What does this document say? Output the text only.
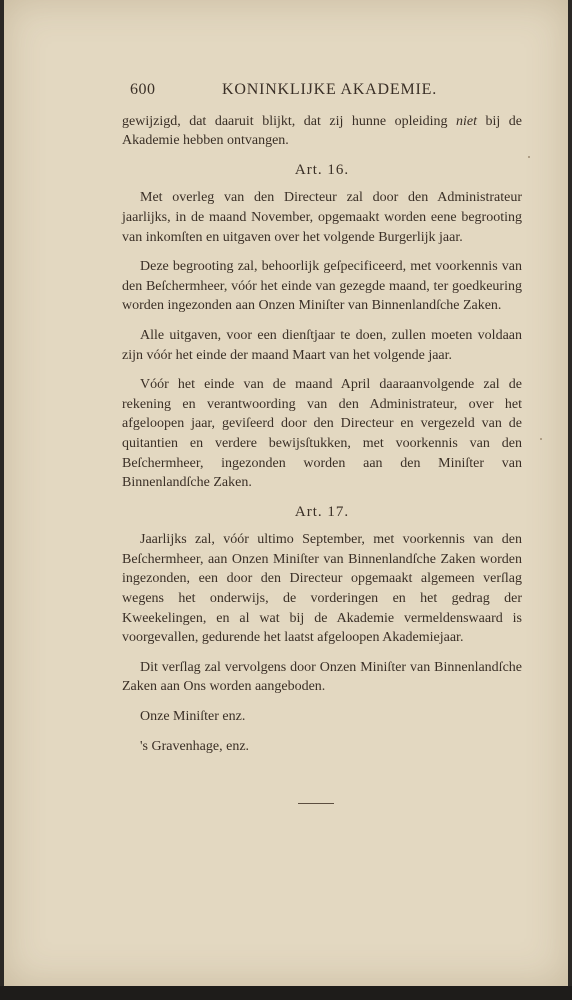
600	KONINKLIJKE AKADEMIE.

gewijzigd, dat daaruit blijkt, dat zij hunne opleiding niet bij de Akademie hebben ontvangen.

Art. 16.

Met overleg van den Directeur zal door den Administrateur jaarlijks, in de maand November, opgemaakt worden eene begrooting van inkomſten en uitgaven over het volgende Burgerlijk jaar.

Deze begrooting zal, behoorlijk geſpecificeerd, met voorkennis van den Beſchermheer, vóór het einde van gezegde maand, ter goedkeuring worden ingezonden aan Onzen Miniſter van Binnenlandſche Zaken.

Alle uitgaven, voor een dienſtjaar te doen, zullen moeten voldaan zijn vóór het einde der maand Maart van het volgende jaar.

Vóór het einde van de maand April daaraanvolgende zal de rekening en verantwoording van den Administrateur, over het afgeloopen jaar, geviſeerd door den Directeur en vergezeld van de quitantien en verdere bewijsſtukken, met voorkennis van den Beſchermheer, ingezonden worden aan den Miniſter van Binnenlandſche Zaken.

Art. 17.

Jaarlijks zal, vóór ultimo September, met voorkennis van den Beſchermheer, aan Onzen Miniſter van Binnenlandſche Zaken worden ingezonden, een door den Directeur opgemaakt algemeen verſlag wegens het onderwijs, de vorderingen en het gedrag der Kweekelingen, en al wat bij de Akademie vermeldenswaard is voorgevallen, gedurende het laatst afgeloopen Akademiejaar.

Dit verſlag zal vervolgens door Onzen Miniſter van Binnenlandſche Zaken aan Ons worden aangeboden.

Onze Miniſter enz.

's Gravenhage, enz.
